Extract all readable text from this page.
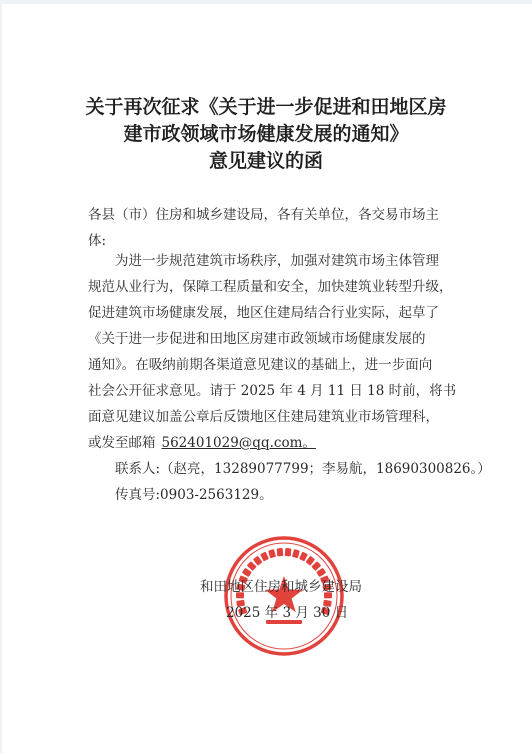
关于再次征求《关于进一步促进和田地区房
建市政领域市场健康发展的通知》
意见建议的函
各县（市）住房和城乡建设局，各有关单位，各交易市场主
体:
为进一步规范建筑市场秩序，加强对建筑市场主体管理
规范从业行为，保障工程质量和安全，加快建筑业转型升级，
促进建筑市场健康发展，地区住建局结合行业实际，起草了
《关于进一步促进和田地区房建市政领域市场健康发展的
通知》。在吸纳前期各渠道意见建议的基础上，进一步面向
社会公开征求意见。请于 2025 年 4 月 11 日 18 时前，将书
面意见建议加盖公章后反馈地区住建局建筑业市场管理科，
或发至邮箱 562401029@qq.com。
联系人:（赵亮，13289077799；李易航，18690300826。）
传真号:0903-2563129。
和田地区住房和城乡建设局
2025 年 3 月 30 日
